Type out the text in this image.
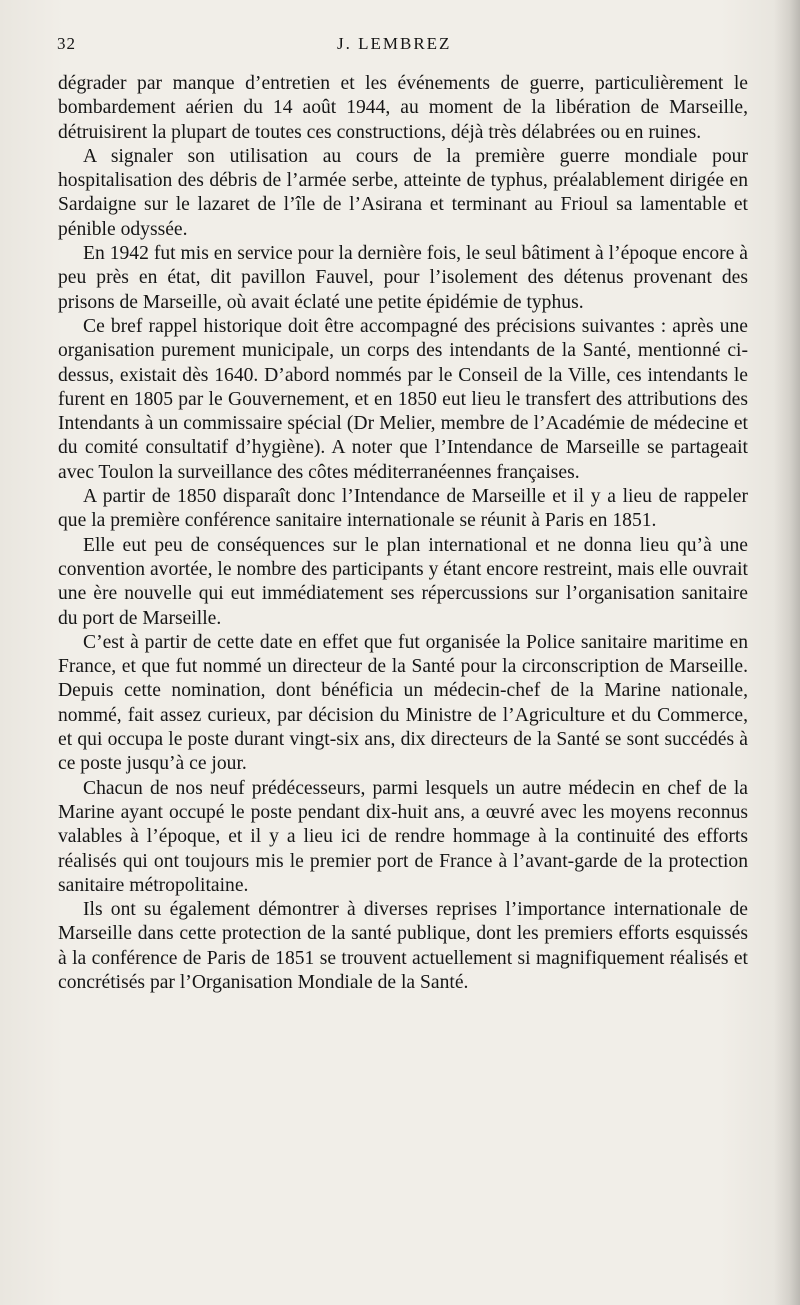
32	J. LEMBREZ

dégrader par manque d’entretien et les événements de guerre, particulièrement le bombardement aérien du 14 août 1944, au moment de la libération de Marseille, détruisirent la plupart de toutes ces constructions, déjà très délabrées ou en ruines.

A signaler son utilisation au cours de la première guerre mondiale pour hospitalisation des débris de l’armée serbe, atteinte de typhus, préalablement dirigée en Sardaigne sur le lazaret de l’île de l’Asirana et terminant au Frioul sa lamentable et pénible odyssée.

En 1942 fut mis en service pour la dernière fois, le seul bâtiment à l’époque encore à peu près en état, dit pavillon Fauvel, pour l’isolement des détenus provenant des prisons de Marseille, où avait éclaté une petite épidémie de typhus.

Ce bref rappel historique doit être accompagné des précisions suivantes : après une organisation purement municipale, un corps des intendants de la Santé, mentionné ci-dessus, existait dès 1640. D’abord nommés par le Conseil de la Ville, ces intendants le furent en 1805 par le Gouvernement, et en 1850 eut lieu le transfert des attributions des Intendants à un commissaire spécial (Dr Melier, membre de l’Académie de médecine et du comité consultatif d’hygiène). A noter que l’Intendance de Marseille se partageait avec Toulon la surveillance des côtes méditerranéennes françaises.

A partir de 1850 disparaît donc l’Intendance de Marseille et il y a lieu de rappeler que la première conférence sanitaire internationale se réunit à Paris en 1851.

Elle eut peu de conséquences sur le plan international et ne donna lieu qu’à une convention avortée, le nombre des participants y étant encore restreint, mais elle ouvrait une ère nouvelle qui eut immédiatement ses répercussions sur l’organisation sanitaire du port de Marseille.

C’est à partir de cette date en effet que fut organisée la Police sanitaire maritime en France, et que fut nommé un directeur de la Santé pour la circonscription de Marseille. Depuis cette nomination, dont bénéficia un médecin-chef de la Marine nationale, nommé, fait assez curieux, par décision du Ministre de l’Agriculture et du Commerce, et qui occupa le poste durant vingt-six ans, dix directeurs de la Santé se sont succédés à ce poste jusqu’à ce jour.

Chacun de nos neuf prédécesseurs, parmi lesquels un autre médecin en chef de la Marine ayant occupé le poste pendant dix-huit ans, a œuvré avec les moyens reconnus valables à l’époque, et il y a lieu ici de rendre hommage à la continuité des efforts réalisés qui ont toujours mis le premier port de France à l’avant-garde de la protection sanitaire métropolitaine.

Ils ont su également démontrer à diverses reprises l’importance internationale de Marseille dans cette protection de la santé publique, dont les premiers efforts esquissés à la conférence de Paris de 1851 se trouvent actuellement si magnifiquement réalisés et concrétisés par l’Organisation Mondiale de la Santé.
